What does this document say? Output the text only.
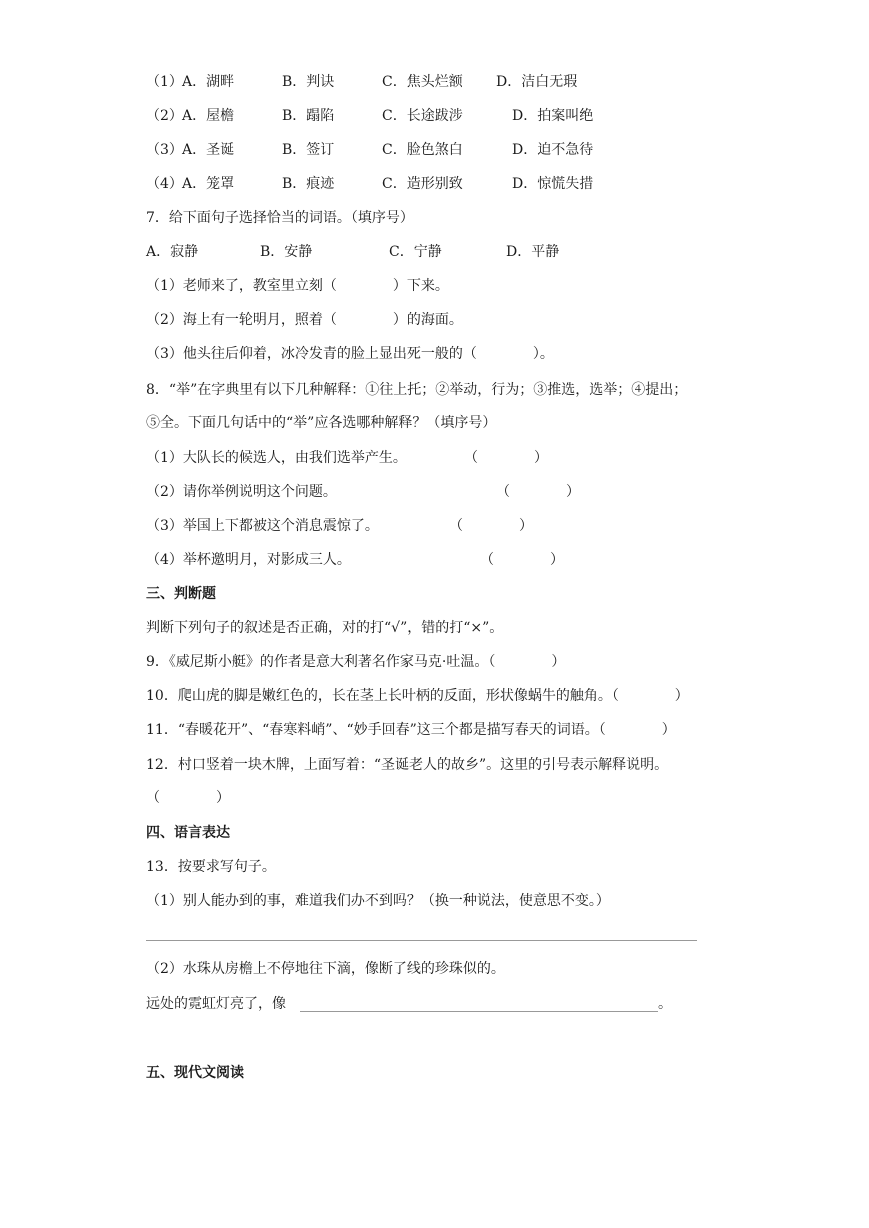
（1） A．湖畔	B．判诀	C．焦头烂额 D．洁白无瑕
（2） A．屋檐	B．蹋陷	C．长途跋涉	D．拍案叫绝
（3） A．圣诞	B．签订	C．脸色煞白	D．迫不急待
（4） A．笼罩	B．痕迹	C．造形别致	D．惊慌失措
7．给下面句子选择恰当的词语。（填序号）
A．寂静	B．安静	C．宁静	D．平静
（1）老师来了，教室里立刻（　　　　）下来。
（2）海上有一轮明月，照着（　　　　）的海面。
（3）他头往后仰着，冰冷发青的脸上显出死一般的（　　　　）。
8．“举”在字典里有以下几种解释：①往上托；②举动，行为；③推选，选举；④提出；
⑤全。下面几句话中的“举”应各选哪种解释？（填序号）
（1）大队长的候选人，由我们选举产生。	（　　　　）
（2）请你举例说明这个问题。	（　　　　）
（3）举国上下都被这个消息震惊了。	（　　　　）
（4）举杯邀明月，对影成三人。	（　　　　）
三、判断题
判断下列句子的叙述是否正确，对的打“√”，错的打“×”。
9．《威尼斯小艇》的作者是意大利著名作家马克·吐温。（　　　　）
10．爬山虎的脚是嫩红色的，长在茎上长叶柄的反面，形状像蜗牛的触角。（　　　　）
11．“春暖花开”、“春寒料峭”、“妙手回春”这三个都是描写春天的词语。（　　　　）
12．村口竖着一块木牌，上面写着：“圣诞老人的故乡”。这里的引号表示解释说明。
（　　　　）
四、语言表达
13．按要求写句子。
（1）别人能办到的事，难道我们办不到吗？（换一种说法，使意思不变。）
（2）水珠从房檐上不停地往下滴，像断了线的珍珠似的。
远处的霓虹灯亮了，像	。
五、现代文阅读
